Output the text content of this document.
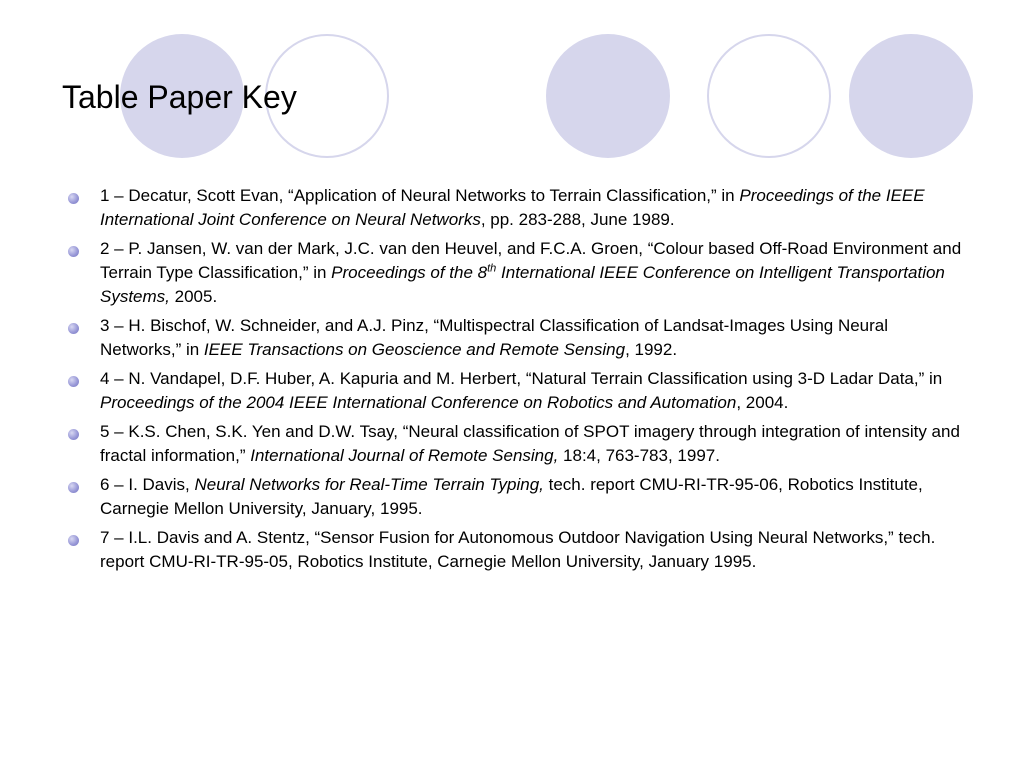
Table Paper Key
1 – Decatur, Scott Evan, “Application of Neural Networks to Terrain Classification,” in Proceedings of the IEEE International Joint Conference on Neural Networks, pp. 283-288, June 1989.
2 – P. Jansen, W. van der Mark, J.C. van den Heuvel, and F.C.A. Groen, “Colour based Off-Road Environment and Terrain Type Classification,” in Proceedings of the 8th International IEEE Conference on Intelligent Transportation Systems, 2005.
3 – H. Bischof, W. Schneider, and A.J. Pinz, “Multispectral Classification of Landsat-Images Using Neural Networks,” in IEEE Transactions on Geoscience and Remote Sensing, 1992.
4 – N. Vandapel, D.F. Huber, A. Kapuria and M. Herbert, “Natural Terrain Classification using 3-D Ladar Data,” in Proceedings of the 2004 IEEE International Conference on Robotics and Automation, 2004.
5 – K.S. Chen, S.K. Yen and D.W. Tsay, “Neural classification of SPOT imagery through integration of intensity and fractal information,” International Journal of Remote Sensing, 18:4, 763-783, 1997.
6 – I. Davis, Neural Networks for Real-Time Terrain Typing, tech. report CMU-RI-TR-95-06, Robotics Institute, Carnegie Mellon University, January, 1995.
7 – I.L. Davis and A. Stentz, “Sensor Fusion for Autonomous Outdoor Navigation Using Neural Networks,” tech. report CMU-RI-TR-95-05, Robotics Institute, Carnegie Mellon University, January 1995.
